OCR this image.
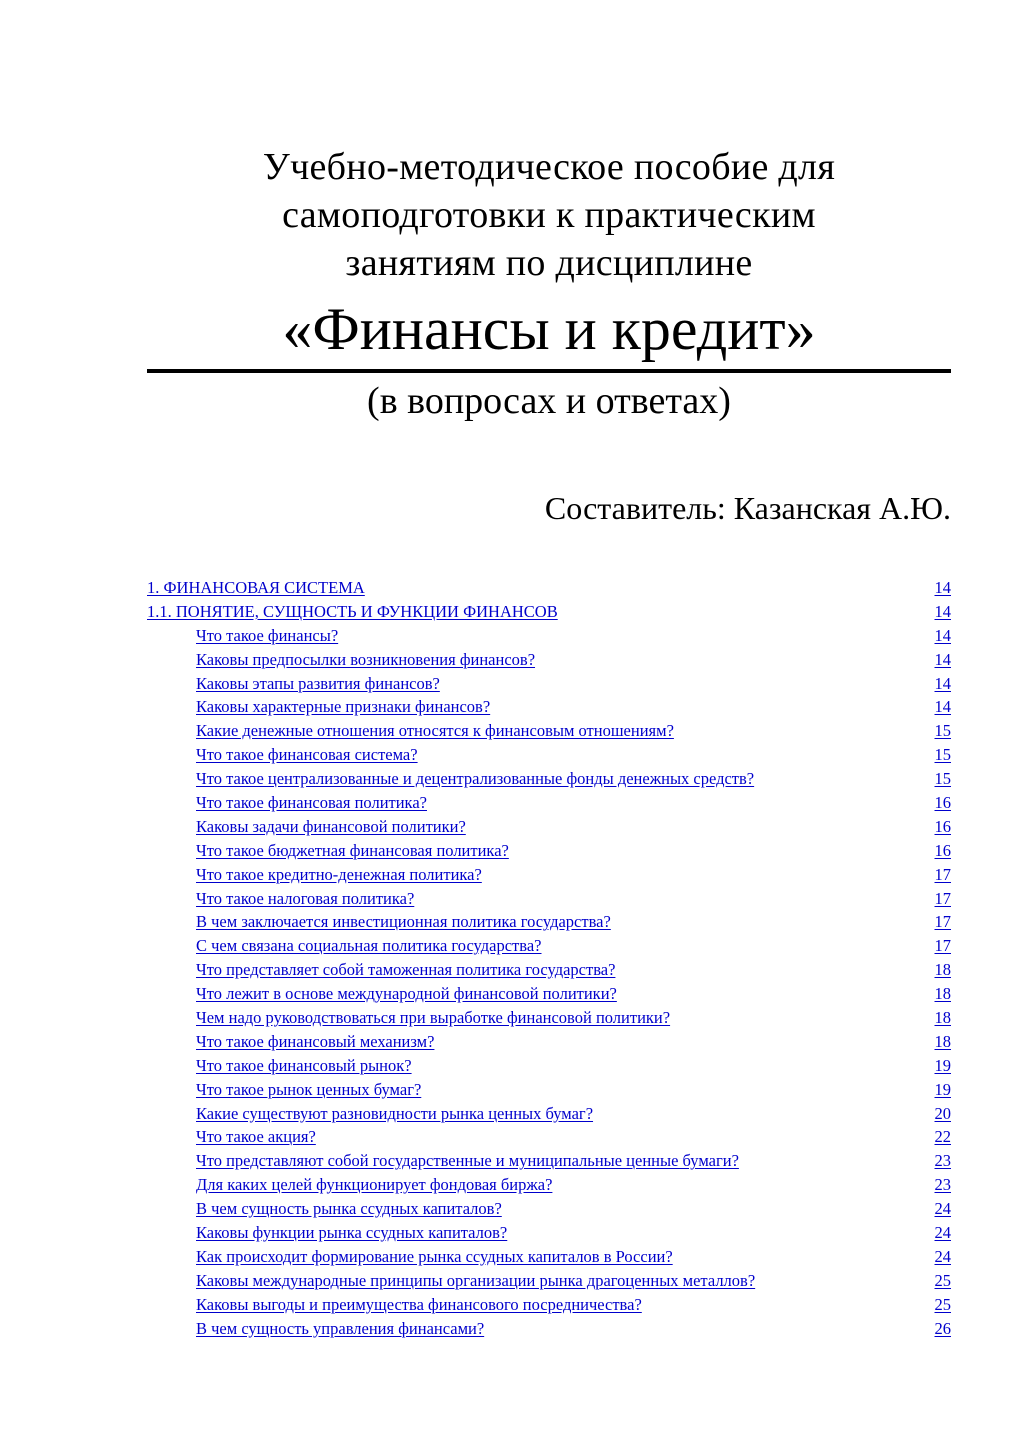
Учебно-методическое пособие для
самоподготовки к практическим
занятиям по дисциплине
«Финансы и кредит»
(в вопросах и ответах)
Составитель: Казанская А.Ю.
1. ФИНАНСОВАЯ СИСТЕМА	14
1.1. ПОНЯТИЕ, СУЩНОСТЬ И ФУНКЦИИ ФИНАНСОВ	14
Что такое финансы?	14
Каковы предпосылки возникновения финансов?	14
Каковы этапы развития финансов?	14
Каковы характерные признаки финансов?	14
Какие денежные отношения относятся к финансовым отношениям?	15
Что такое финансовая система?	15
Что такое централизованные и децентрализованные фонды денежных средств?	15
Что такое финансовая политика?	16
Каковы задачи финансовой политики?	16
Что такое бюджетная финансовая политика?	16
Что такое кредитно-денежная политика?	17
Что такое налоговая политика?	17
В чем заключается инвестиционная политика государства?	17
С чем связана социальная политика государства?	17
Что представляет собой таможенная политика государства?	18
Что лежит в основе международной финансовой политики?	18
Чем надо руководствоваться при выработке финансовой политики?	18
Что такое финансовый механизм?	18
Что такое финансовый рынок?	19
Что такое рынок ценных бумаг?	19
Какие существуют разновидности рынка ценных бумаг?	20
Что такое акция?	22
Что представляют собой государственные и муниципальные ценные бумаги?	23
Для каких целей функционирует фондовая биржа?	23
В чем сущность рынка ссудных капиталов?	24
Каковы функции рынка ссудных капиталов?	24
Как происходит формирование рынка ссудных капиталов в России?	24
Каковы международные принципы организации рынка драгоценных металлов?	25
Каковы выгоды и преимущества финансового посредничества?	25
В чем сущность управления финансами?	26
